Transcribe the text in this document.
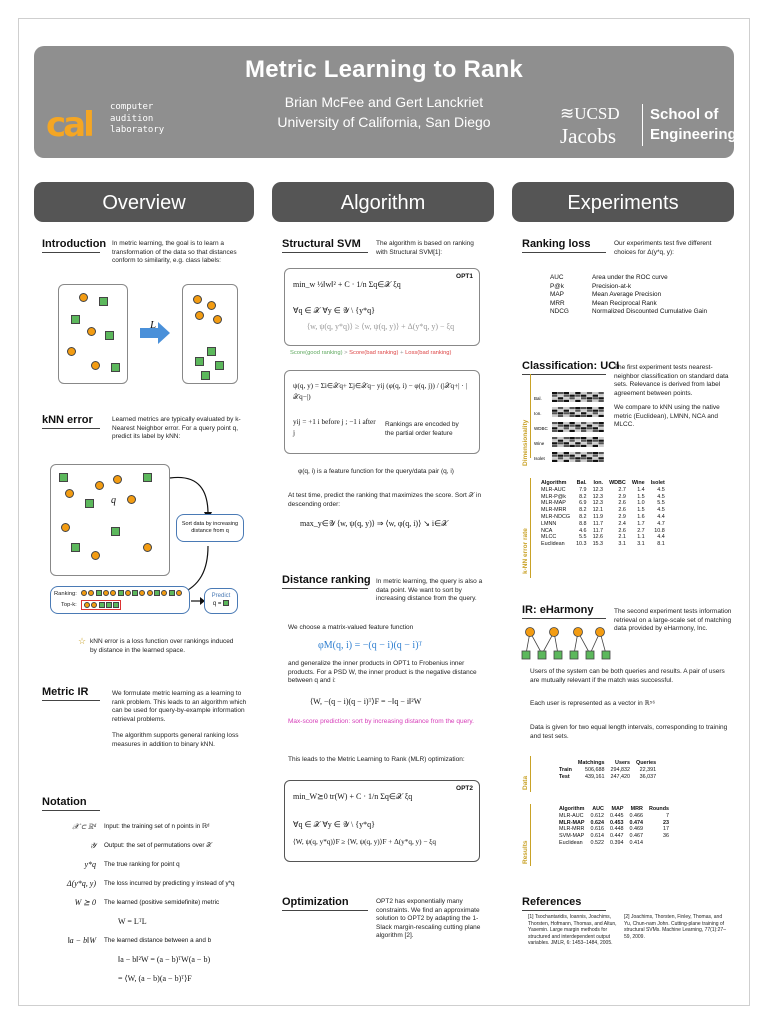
Metric Learning to Rank
Brian McFee and Gert Lanckriet
University of California, San Diego
cal	computer
audition
laboratory
≋UCSD
Jacobs
School of
Engineering
Overview	Algorithm	Experiments
Introduction In metric learning, the goal is to learn a transformation of the data so that distances conform to similarity, e.g. class labels:
L
kNN error	Learned metrics are typically evaluated by k-Nearest Neighbor error. For a query point q, predict its label by kNN:
q
Sort data by increasing distance from q
Ranking:
Top-k:
Predict
q =
☆ kNN error is a loss function over rankings induced by distance in the learned space.
Metric IR	We formulate metric learning as a learning to rank problem. This leads to an algorithm which can be used for query-by-example information retrieval problems.
The algorithm supports general ranking loss measures in addition to binary kNN.
Notation
𝒳 ⊂ ℝᵈ Input: the training set of n points in ℝᵈ
𝒴 Output: the set of permutations over 𝒳
y*q The true ranking for point q
Δ(y*q, y) The loss incurred by predicting y instead of y*q
W ⪰ 0 The learned (positive semidefinite) metric
W = LᵀL
‖a − b‖W The learned distance between a and b
‖a − b‖²W = (a − b)ᵀW(a − b)
= ⟨W, (a − b)(a − b)ᵀ⟩F
Structural SVM The algorithm is based on ranking with Structural SVM[1]:
OPT1
min_w ½‖w‖² + C · 1/n Σq∈𝒳 ξq
∀q ∈ 𝒳 ∀y ∈ 𝒴 \ {y*q}
⟨w, ψ(q, y*q)⟩ ≥ ⟨w, ψ(q, y)⟩ + Δ(y*q, y) − ξq
Score(good ranking) > Score(bad ranking) + Loss(bad ranking)
ψ(q, y) = Σi∈𝒳q+ Σj∈𝒳q− yij (φ(q, i) − φ(q, j)) / (|𝒳q+| · |𝒳q−|)
yij = +1 i before j ; −1 i after j
Rankings are encoded by the partial order feature
φ(q, i) is a feature function for the query/data pair (q, i)
At test time, predict the ranking that maximizes the score. Sort 𝒳 in descending order:
max_y∈𝒴 ⟨w, ψ(q, y)⟩ ⇒ ⟨w, φ(q, i)⟩ ↘ i∈𝒳
Distance ranking In metric learning, the query is also a data point. We want to sort by increasing distance from the query.
We choose a matrix-valued feature function
φM(q, i) = −(q − i)(q − i)ᵀ
and generalize the inner products in OPT1 to Frobenius inner products. For a PSD W, the inner product is the negative distance between q and i:
⟨W, −(q − i)(q − i)ᵀ⟩F = −‖q − i‖²W
Max-score prediction: sort by increasing distance from the query.
This leads to the Metric Learning to Rank (MLR) optimization:
OPT2
min_W⪰0 tr(W) + C · 1/n Σq∈𝒳 ξq
∀q ∈ 𝒳 ∀y ∈ 𝒴 \ {y*q}
⟨W, ψ(q, y*q)⟩F ≥ ⟨W, ψ(q, y)⟩F + Δ(y*q, y) − ξq
Optimization	OPT2 has exponentially many constraints. We find an approximate solution to OPT2 by adapting the 1-Slack margin-rescaling cutting plane algorithm [2].
Ranking loss	Our experiments test five different choices for Δ(y*q, y):
AUC	Area under the ROC curve
P@k	Precision-at-k
MAP	Mean Average Precision
MRR	Mean Reciprocal Rank
NDCG	Normalized Discounted Cumulative Gain
Classification: UCI
The first experiment tests nearest-neighbor classification on standard data sets. Relevance is derived from label agreement between points.
We compare to kNN using the native metric (Euclidean), LMNN, NCA and MLCC.
Dimensionality
Bal.
Ion.
WDBC
Wine
Isolet
k-NN error rate
Algorithm	Bal.	Ion.	WDBC	Wine	Isolet
MLR-AUC	7.9	12.3	2.7	1.4	4.5
MLR-P@k	8.2	12.3	2.9	1.5	4.5
MLR-MAP	6.9	12.3	2.6	1.0	5.5
MLR-MRR	8.2	12.1	2.6	1.5	4.5
MLR-NDCG	8.2	11.9	2.9	1.6	4.4
LMNN	8.8	11.7	2.4	1.7	4.7
NCA	4.6	11.7	2.6	2.7	10.8
MLCC	5.5	12.6	2.1	1.1	4.4
Euclidean	10.3	15.3	3.1	3.1	8.1
IR: eHarmony	The second experiment tests information retrieval on a large-scale set of matching data provided by eHarmony, Inc.
Users of the system can be both queries and results. A pair of users are mutually relevant if the match was successful.
Each user is represented as a vector in ℝ⁵⁶
Data is given for two equal length intervals, corresponding to training and test sets.
Data
	Matchings	Users	Queries
Train	506,688	294,832	22,391
Test	439,161	247,420	36,037
Results
Algorithm	AUC	MAP	MRR	Rounds
MLR-AUC	0.612	0.445	0.466	7
MLR-MAP	0.624	0.453	0.474	23
MLR-MRR	0.616	0.448	0.469	17
SVM-MAP	0.614	0.447	0.467	36
Euclidean	0.522	0.394	0.414	
References
[1] Tsochantaridis, Ioannis, Joachims, Thorsten, Hofmann, Thomas, and Altun, Yasemin. Large margin methods for structured and interdependent output variables. JMLR, 6: 1453–1484, 2005.
[2] Joachims, Thorsten, Finley, Thomas, and Yu, Chun-nam John. Cutting-plane training of structural SVMs. Machine Learning, 77(1):27–59, 2009.
